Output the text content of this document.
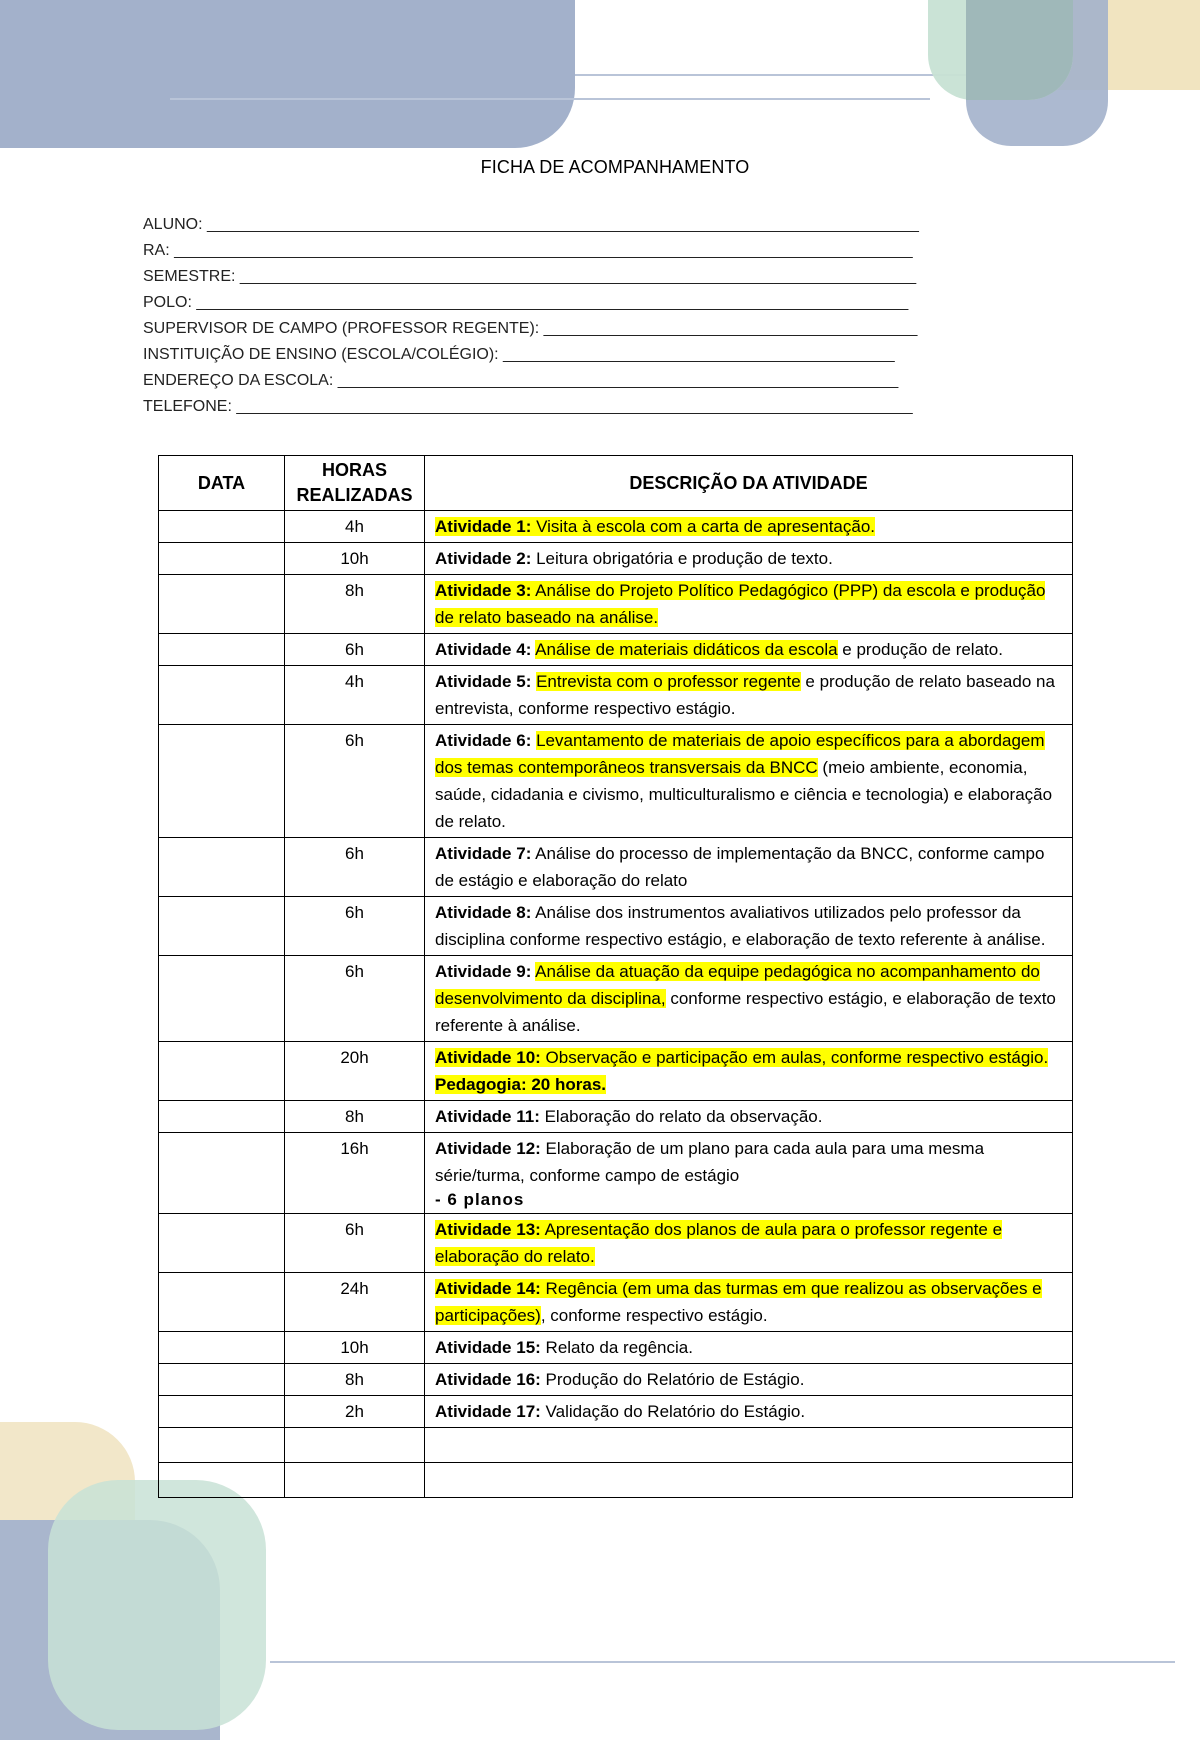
FICHA DE ACOMPANHAMENTO
ALUNO: ________________________________________________________________________________
RA: ___________________________________________________________________________________
SEMESTRE: ____________________________________________________________________________
POLO: ________________________________________________________________________________
SUPERVISOR DE CAMPO (PROFESSOR REGENTE): __________________________________________
INSTITUIÇÃO DE ENSINO (ESCOLA/COLÉGIO): ____________________________________________
ENDEREÇO DA ESCOLA: _______________________________________________________________
TELEFONE: ____________________________________________________________________________
DATA	HORAS REALIZADAS	DESCRIÇÃO DA ATIVIDADE
	4h	Atividade 1: Visita à escola com a carta de apresentação.
	10h	Atividade 2: Leitura obrigatória e produção de texto.
	8h	Atividade 3: Análise do Projeto Político Pedagógico (PPP) da escola e produção de relato baseado na análise.
	6h	Atividade 4: Análise de materiais didáticos da escola e produção de relato.
	4h	Atividade 5: Entrevista com o professor regente e produção de relato baseado na entrevista, conforme respectivo estágio.
	6h	Atividade 6: Levantamento de materiais de apoio específicos para a abordagem dos temas contemporâneos transversais da BNCC (meio ambiente, economia, saúde, cidadania e civismo, multiculturalismo e ciência e tecnologia) e elaboração de relato.
	6h	Atividade 7: Análise do processo de implementação da BNCC, conforme campo de estágio e elaboração do relato
	6h	Atividade 8: Análise dos instrumentos avaliativos utilizados pelo professor da disciplina conforme respectivo estágio, e elaboração de texto referente à análise.
	6h	Atividade 9: Análise da atuação da equipe pedagógica no acompanhamento do desenvolvimento da disciplina, conforme respectivo estágio, e elaboração de texto referente à análise.
	20h	Atividade 10: Observação e participação em aulas, conforme respectivo estágio. Pedagogia: 20 horas.
	8h	Atividade 11: Elaboração do relato da observação.
	16h	Atividade 12: Elaboração de um plano para cada aula para uma mesma série/turma, conforme campo de estágio
- 6 planos

	6h	Atividade 13: Apresentação dos planos de aula para o professor regente e elaboração do relato.
	24h	Atividade 14: Regência (em uma das turmas em que realizou as observações e participações), conforme respectivo estágio.
	10h	Atividade 15: Relato da regência.
	8h	Atividade 16: Produção do Relatório de Estágio.
	2h	Atividade 17: Validação do Relatório do Estágio.
